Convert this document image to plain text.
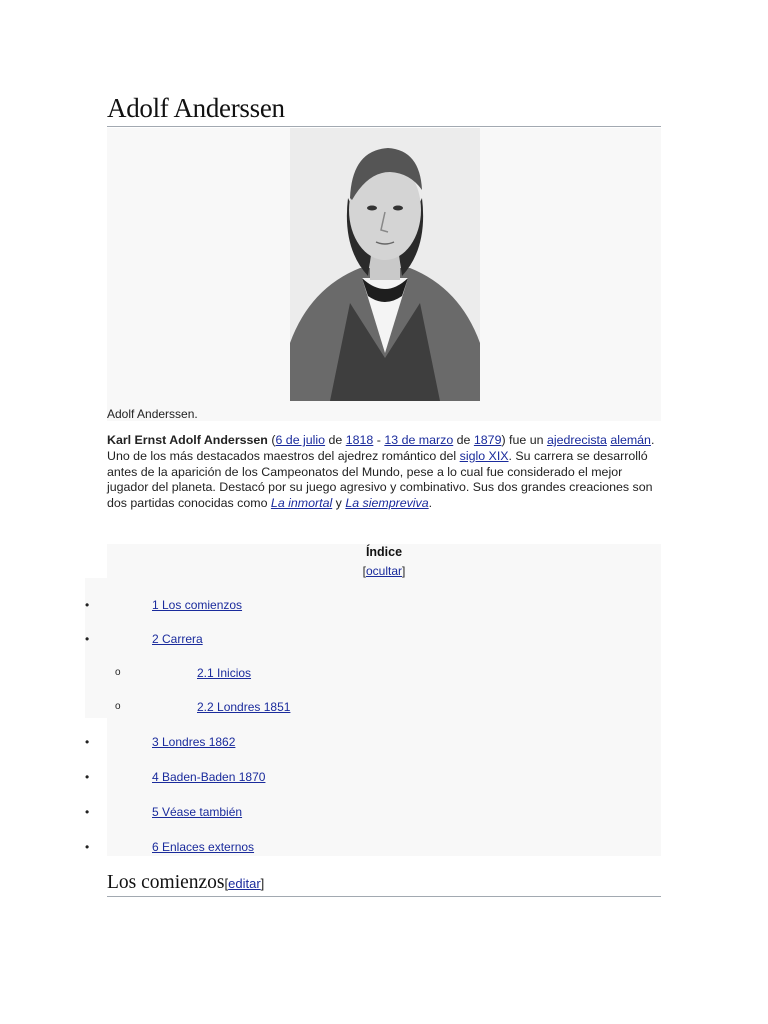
Adolf Anderssen
Adolf Anderssen.

Karl Ernst Adolf Anderssen (6 de julio de 1818 - 13 de marzo de 1879) fue un ajedrecista alemán. Uno de los más destacados maestros del ajedrez romántico del siglo XIX. Su carrera se desarrolló antes de la aparición de los Campeonatos del Mundo, pese a lo cual fue considerado el mejor jugador del planeta. Destacó por su juego agresivo y combinativo. Sus dos grandes creaciones son dos partidas conocidas como La inmortal y La siempreviva.

Índice
[ocultar]
•	1 Los comienzos
•	2 Carrera
o	2.1 Inicios
o	2.2 Londres 1851
•	3 Londres 1862
•	4 Baden-Baden 1870
•	5 Véase también
•	6 Enlaces externos
Los comienzos[editar]
